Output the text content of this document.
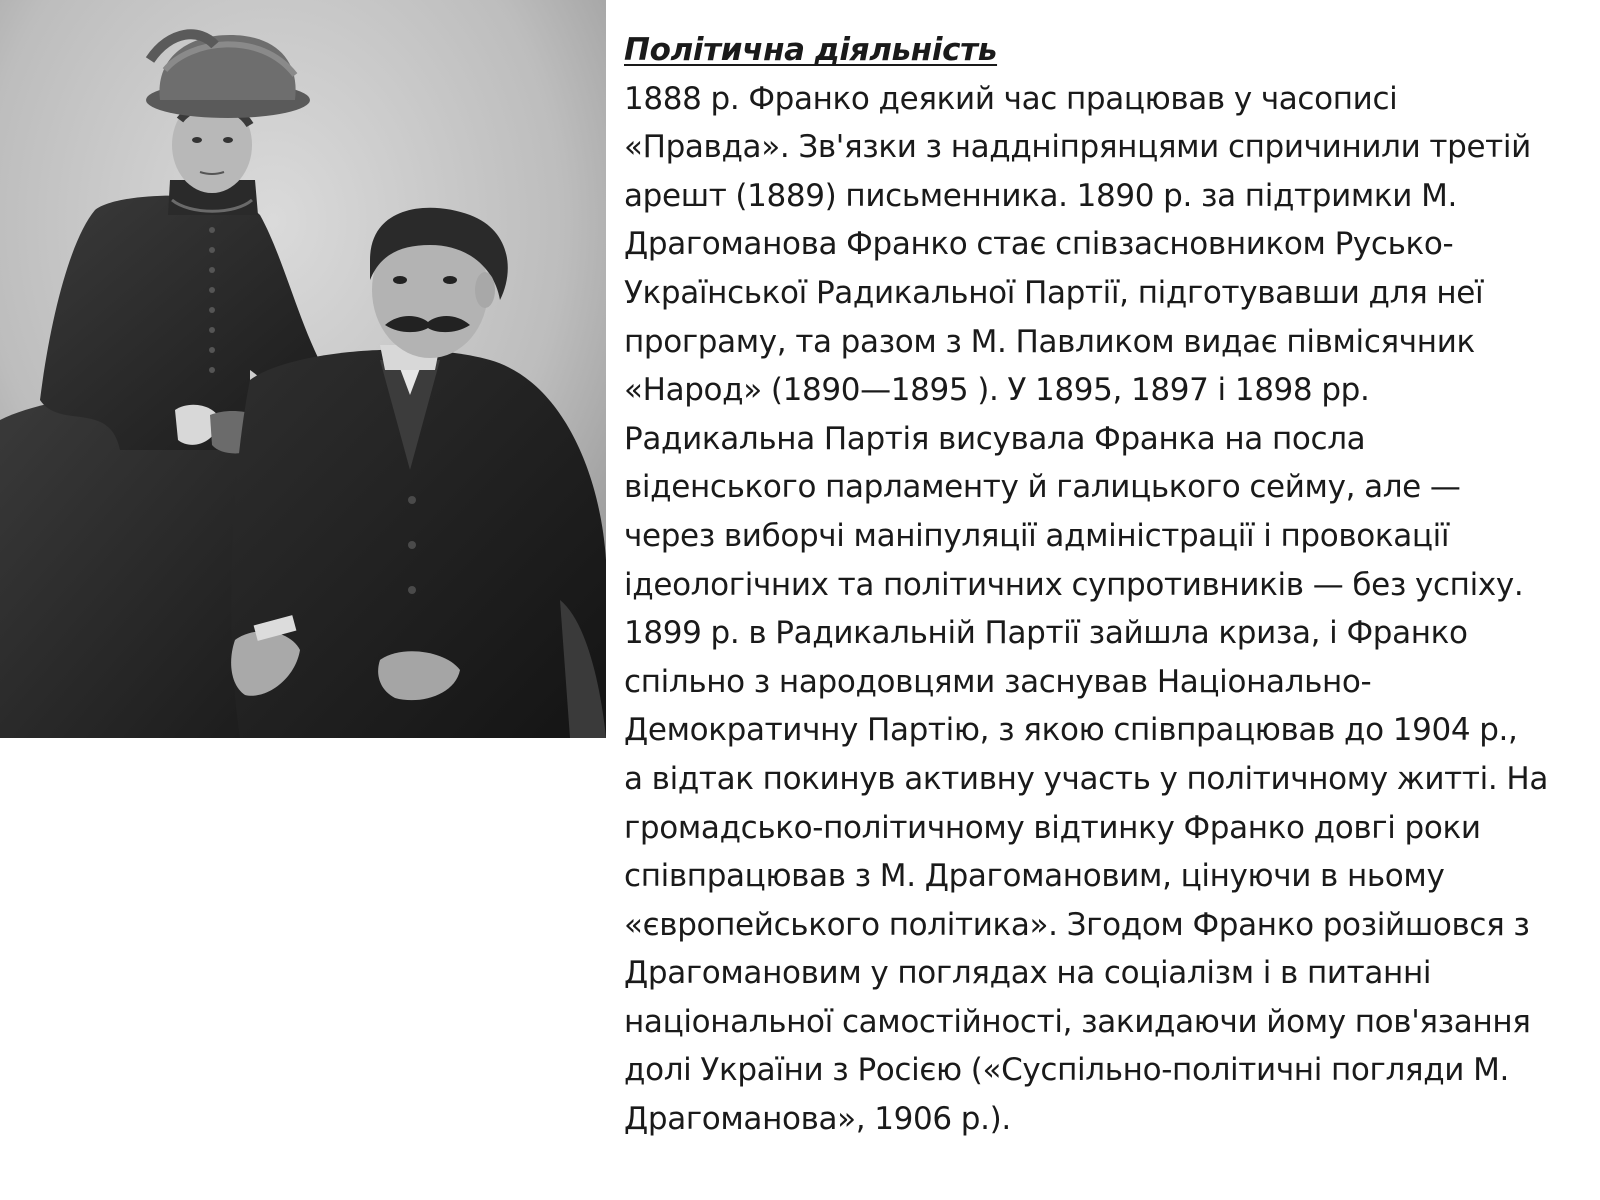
Політична діяльність
1888 р. Франко деякий час працював у часописі
«Правда». Зв'язки з наддніпрянцями спричинили третій
арешт (1889) письменника. 1890 р. за підтримки М.
Драгоманова Франко стає співзасновником Русько-
Української Радикальної Партії, підготувавши для неї
програму, та разом з М. Павликом видає півмісячник
«Народ» (1890—1895 ). У 1895, 1897 і 1898 рр.
Радикальна Партія висувала Франка на посла
віденського парламенту й галицького сейму, але —
через виборчі маніпуляції адміністрації і провокації
ідеологічних та політичних супротивників — без успіху.
1899 р. в Радикальній Партії зайшла криза, і Франко
спільно з народовцями заснував Національно-
Демократичну Партію, з якою співпрацював до 1904 р.,
а відтак покинув активну участь у політичному житті. На
громадсько-політичному відтинку Франко довгі роки
співпрацював з М. Драгомановим, цінуючи в ньому
«європейського політика». Згодом Франко розійшовся з
Драгомановим у поглядах на соціалізм і в питанні
національної самостійності, закидаючи йому пов'язання
долі України з Росією («Суспільно-політичні погляди М.
Драгоманова», 1906 р.).
